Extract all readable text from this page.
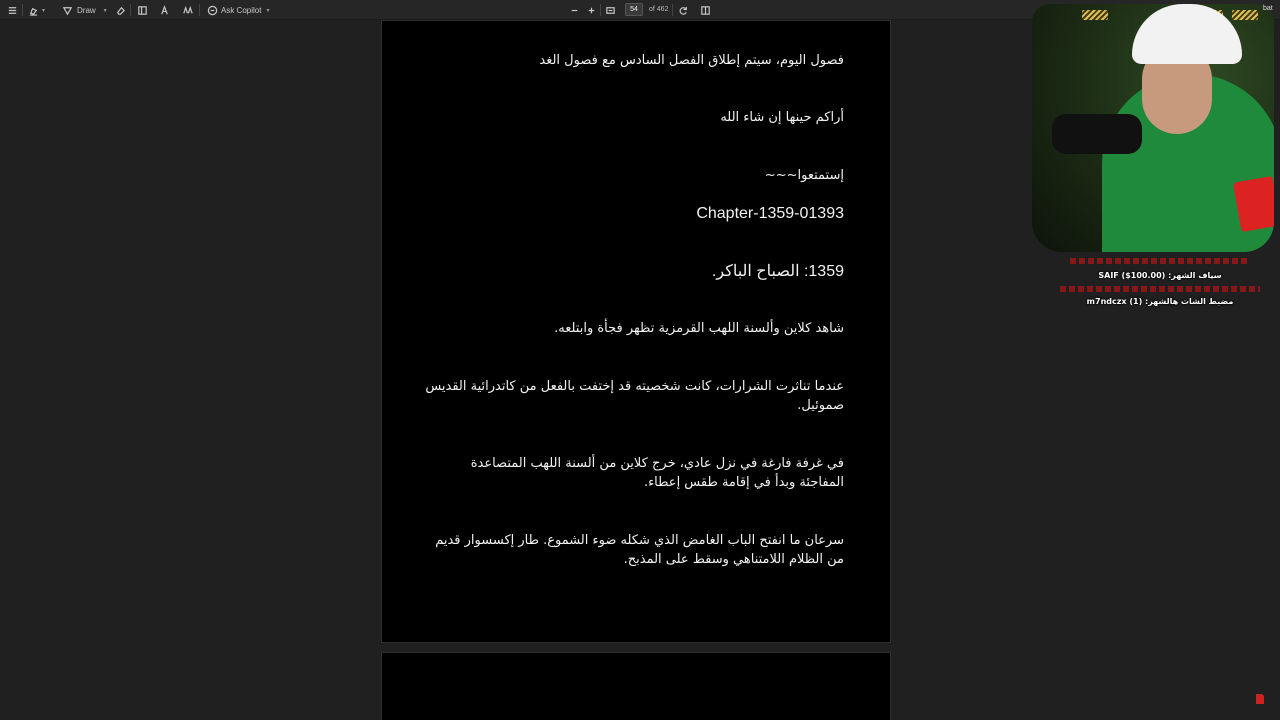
▾	Draw ▾	Ask Copilot ▾
54	of 462
فصول اليوم، سيتم إطلاق الفصل السادس مع فصول الغد
أراكم حينها إن شاء الله
إستمتعوا~~~
Chapter-1359-01393
1359: الصباح الباكر.
شاهد كلاين وألسنة اللهب القرمزية تظهر فجأة وابتلعه.
عندما تناثرت الشرارات، كانت شخصيته قد إختفت بالفعل من كاتدرائية القديس صموئيل.
في غرفة فارغة في نزل عادي، خرج كلاين من ألسنة اللهب المتصاعدة المفاجئة وبدأ في إقامة طقس إعطاء.
سرعان ما انفتح الباب الغامض الذي شكله ضوء الشموع. طار إكسسوار قديم من الظلام اللامتناهي وسقط على المذبح.
bat
SAIF ($100.00) :سياف الشهر
m7ndczx (1) :مضبط الشات هالشهر
